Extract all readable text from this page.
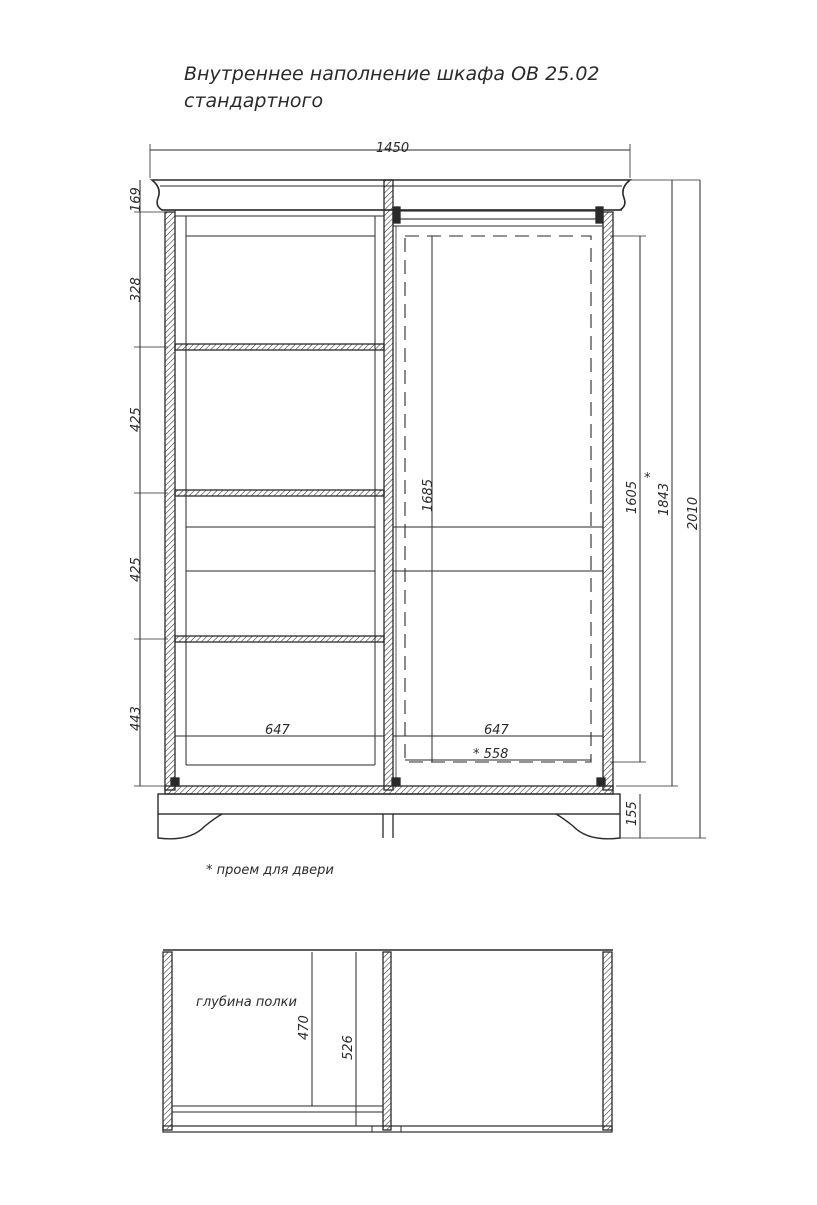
Внутреннее наполнение шкафа ОВ 25.02
стандартного
1450
169
328
425
425
443	647	647
* 558
1685	1605 1843
*
2010
155
* проем для двери
глубина полки
470
526
